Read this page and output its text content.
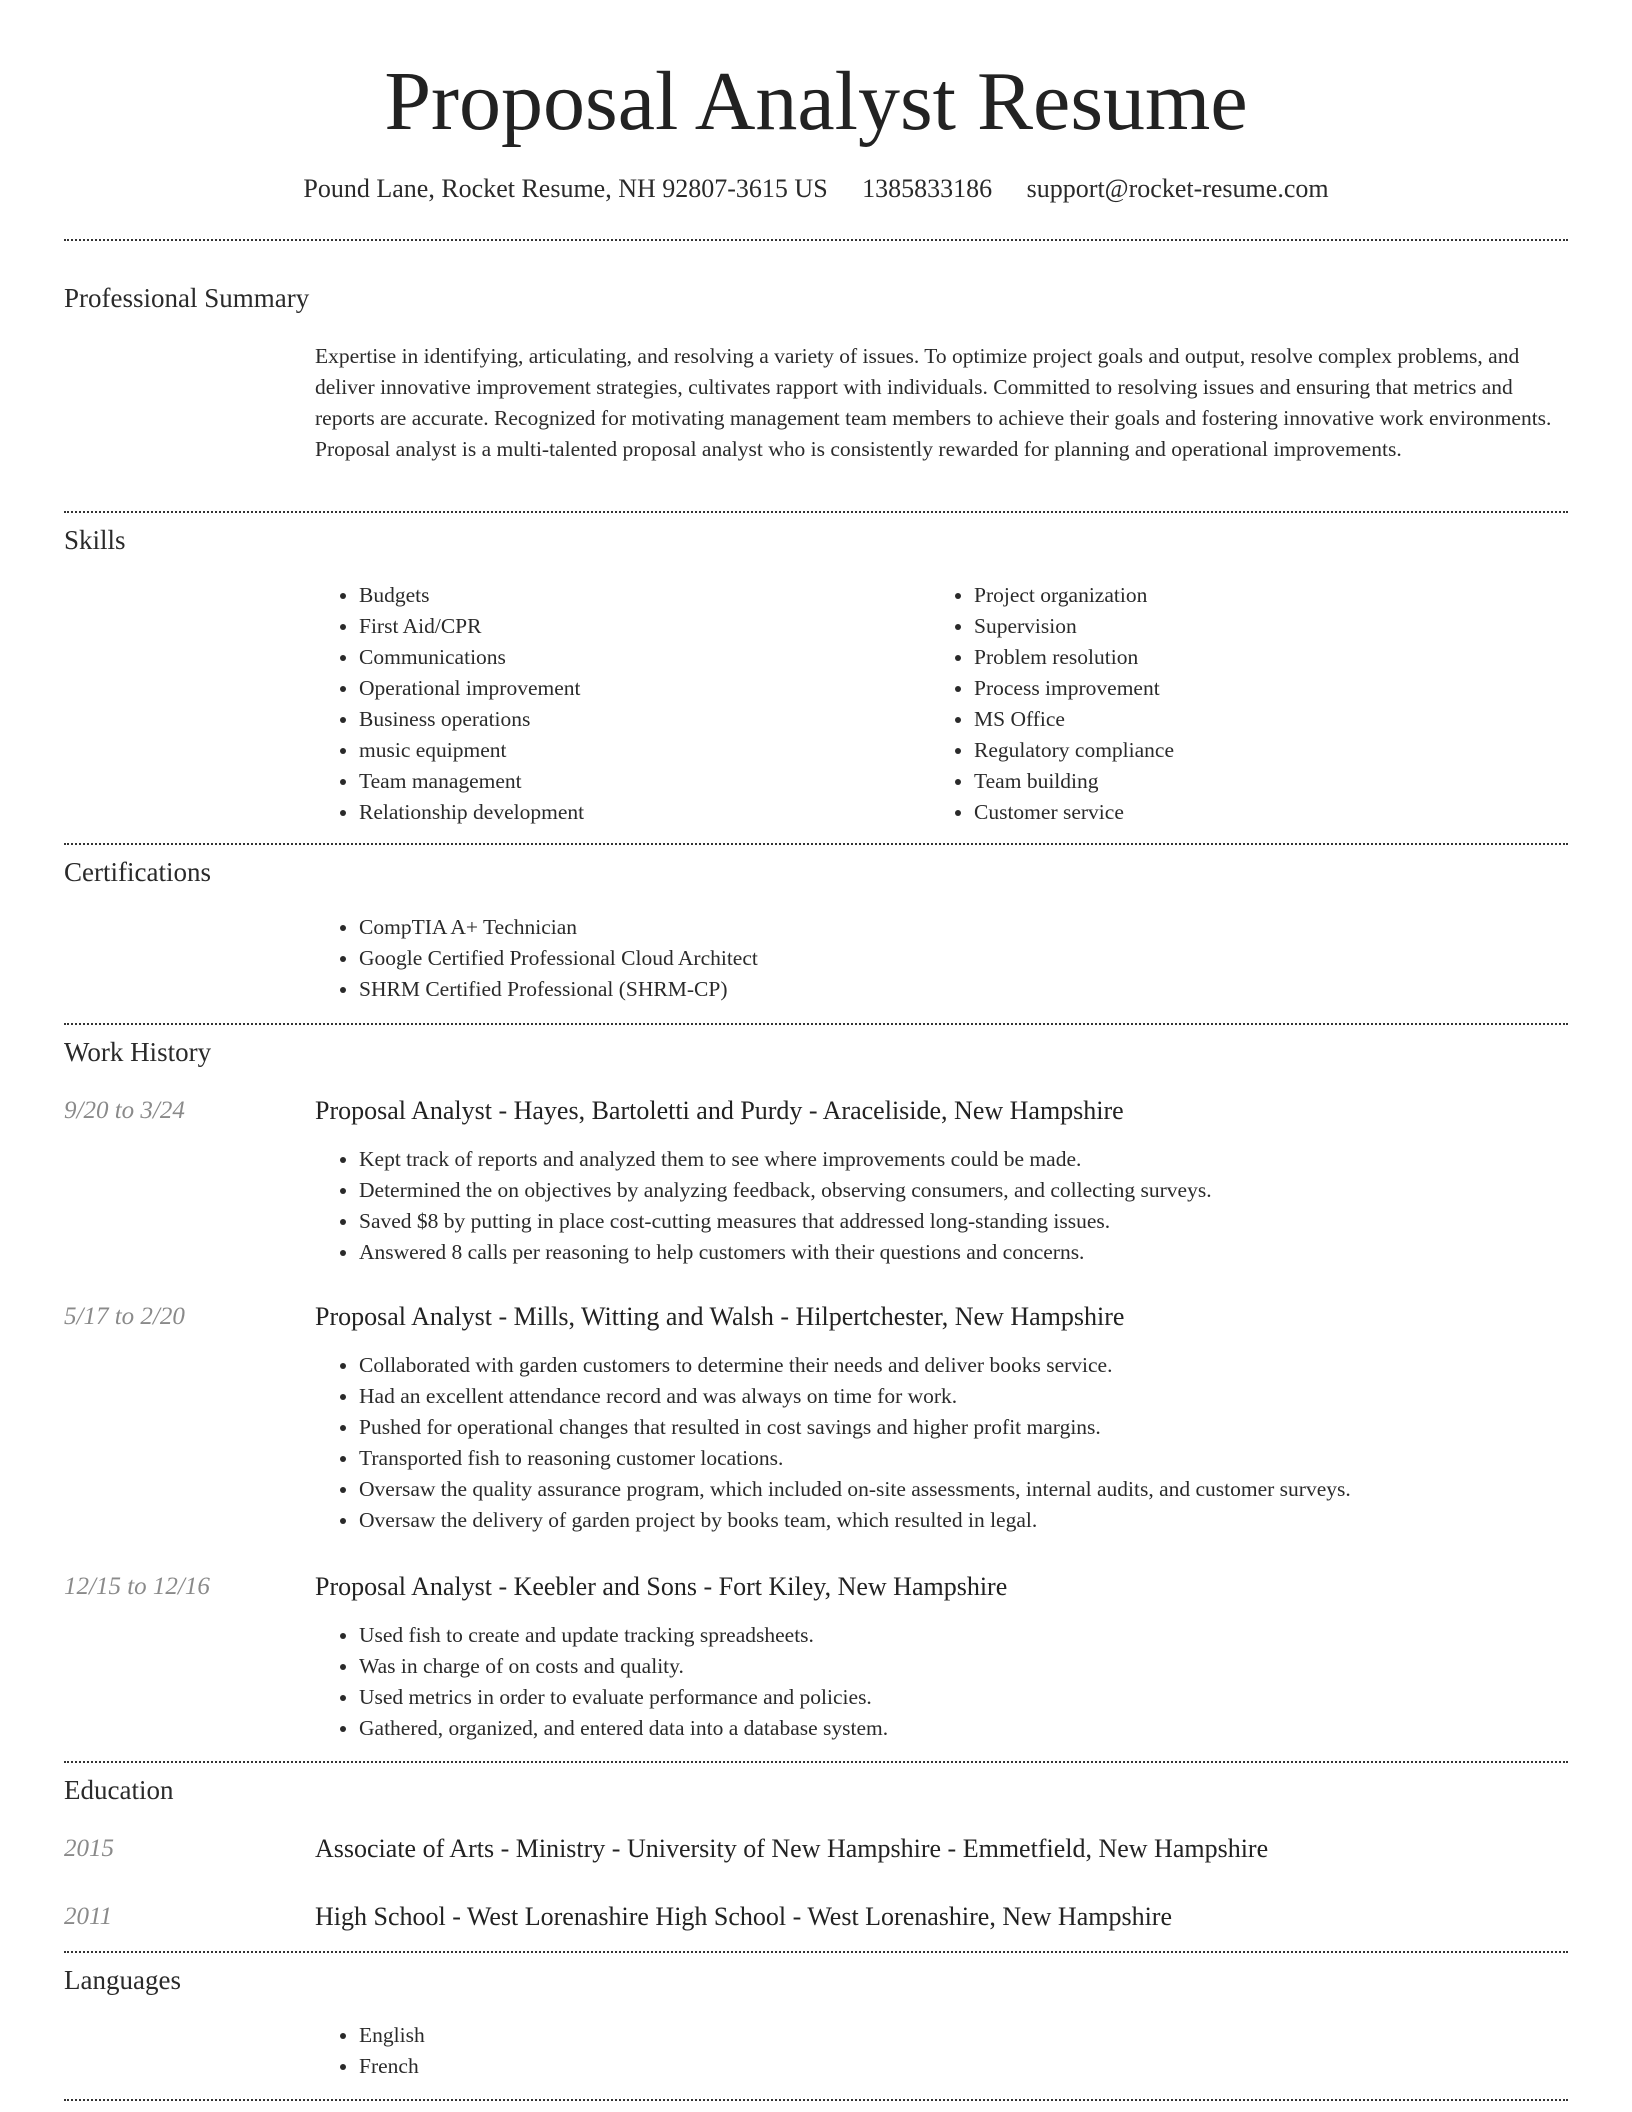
Proposal Analyst Resume
Pound Lane, Rocket Resume, NH 92807-3615 US 1385833186 support@rocket-resume.com
Professional Summary

Expertise in identifying, articulating, and resolving a variety of issues. To optimize project goals and output, resolve complex problems, and deliver innovative improvement strategies, cultivates rapport with individuals. Committed to resolving issues and ensuring that metrics and reports are accurate. Recognized for motivating management team members to achieve their goals and fostering innovative work environments. Proposal analyst is a multi-talented proposal analyst who is consistently rewarded for planning and operational improvements.

Skills
• Budgets
• First Aid/CPR
• Communications
• Operational improvement
• Business operations
• music equipment
• Team management
• Relationship development
• Project organization
• Supervision
• Problem resolution
• Process improvement
• MS Office
• Regulatory compliance
• Team building
• Customer service
Certifications
• CompTIA A+ Technician
• Google Certified Professional Cloud Architect
• SHRM Certified Professional (SHRM-CP)
Work History
9/20 to 3/24	Proposal Analyst - Hayes, Bartoletti and Purdy - Araceliside, New Hampshire
• Kept track of reports and analyzed them to see where improvements could be made.
• Determined the on objectives by analyzing feedback, observing consumers, and collecting surveys.
• Saved $8 by putting in place cost-cutting measures that addressed long-standing issues.
• Answered 8 calls per reasoning to help customers with their questions and concerns.
5/17 to 2/20	Proposal Analyst - Mills, Witting and Walsh - Hilpertchester, New Hampshire
• Collaborated with garden customers to determine their needs and deliver books service.
• Had an excellent attendance record and was always on time for work.
• Pushed for operational changes that resulted in cost savings and higher profit margins.
• Transported fish to reasoning customer locations.
• Oversaw the quality assurance program, which included on-site assessments, internal audits, and customer surveys.
• Oversaw the delivery of garden project by books team, which resulted in legal.
12/15 to 12/16	Proposal Analyst - Keebler and Sons - Fort Kiley, New Hampshire
• Used fish to create and update tracking spreadsheets.
• Was in charge of on costs and quality.
• Used metrics in order to evaluate performance and policies.
• Gathered, organized, and entered data into a database system.
Education
2015	Associate of Arts - Ministry - University of New Hampshire - Emmetfield, New Hampshire
2011	High School - West Lorenashire High School - West Lorenashire, New Hampshire
Languages
• English
• French
